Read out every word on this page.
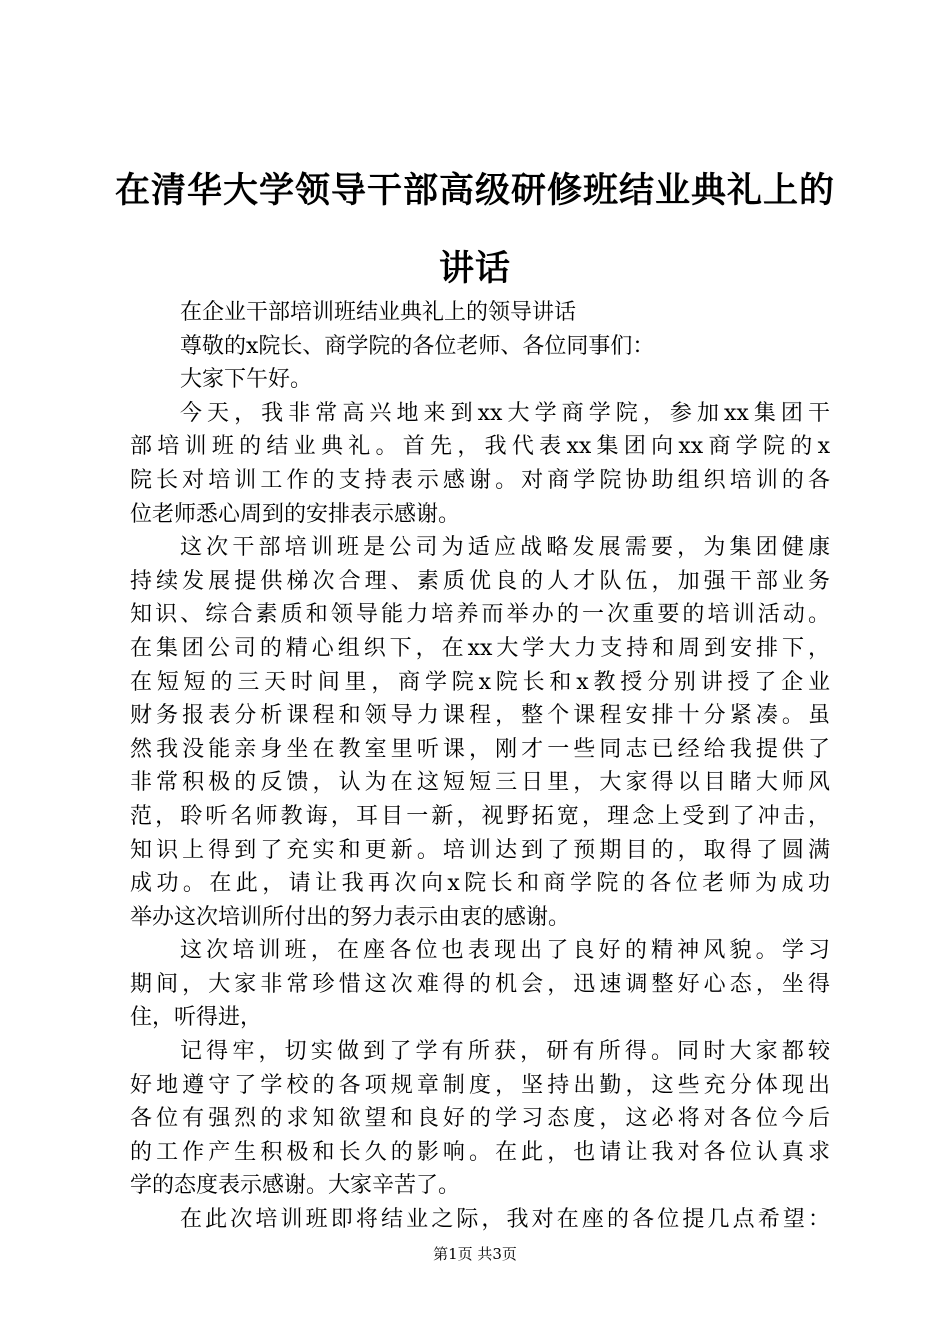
在清华大学领导干部高级研修班结业典礼上的
讲话
在企业干部培训班结业典礼上的领导讲话
尊敬的x院长、商学院的各位老师、各位同事们：
大家下午好。
今天，我非常高兴地来到xx大学商学院，参加xx集团干
部培训班的结业典礼。首先，我代表xx集团向xx商学院的x
院长对培训工作的支持表示感谢。对商学院协助组织培训的各
位老师悉心周到的安排表示感谢。
这次干部培训班是公司为适应战略发展需要，为集团健康
持续发展提供梯次合理、素质优良的人才队伍，加强干部业务
知识、综合素质和领导能力培养而举办的一次重要的培训活动。
在集团公司的精心组织下，在xx大学大力支持和周到安排下，
在短短的三天时间里，商学院x院长和x教授分别讲授了企业
财务报表分析课程和领导力课程，整个课程安排十分紧凑。虽
然我没能亲身坐在教室里听课，刚才一些同志已经给我提供了
非常积极的反馈，认为在这短短三日里，大家得以目睹大师风
范，聆听名师教诲，耳目一新，视野拓宽，理念上受到了冲击，
知识上得到了充实和更新。培训达到了预期目的，取得了圆满
成功。在此，请让我再次向x院长和商学院的各位老师为成功
举办这次培训所付出的努力表示由衷的感谢。
这次培训班，在座各位也表现出了良好的精神风貌。学习
期间，大家非常珍惜这次难得的机会，迅速调整好心态，坐得
住，听得进，
记得牢，切实做到了学有所获，研有所得。同时大家都较
好地遵守了学校的各项规章制度，坚持出勤，这些充分体现出
各位有强烈的求知欲望和良好的学习态度，这必将对各位今后
的工作产生积极和长久的影响。在此，也请让我对各位认真求
学的态度表示感谢。大家辛苦了。
在此次培训班即将结业之际，我对在座的各位提几点希望：
第1页 共3页
